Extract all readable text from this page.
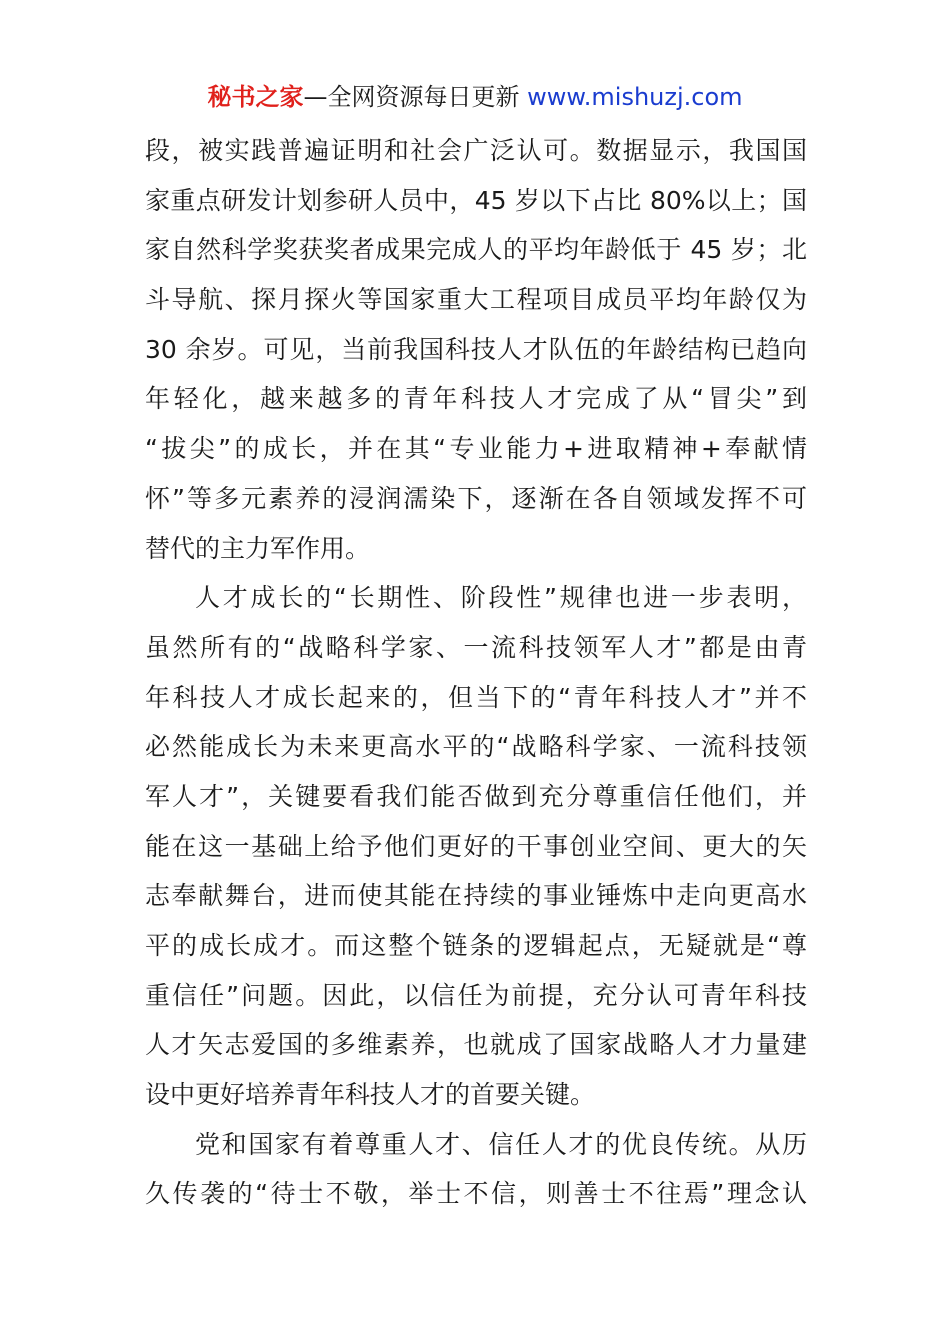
秘书之家—全网资源每日更新 www.mishuzj.com
段，被实践普遍证明和社会广泛认可。数据显示，我国国
家重点研发计划参研人员中，45 岁以下占比 80%以上；国
家自然科学奖获奖者成果完成人的平均年龄低于 45 岁；北
斗导航、探月探火等国家重大工程项目成员平均年龄仅为
30 余岁。可见，当前我国科技人才队伍的年龄结构已趋向
年轻化，越来越多的青年科技人才完成了从“冒尖”到
“拔尖”的成长，并在其“专业能力+进取精神+奉献情
怀”等多元素养的浸润濡染下，逐渐在各自领域发挥不可
替代的主力军作用。
人才成长的“长期性、阶段性”规律也进一步表明，
虽然所有的“战略科学家、一流科技领军人才”都是由青
年科技人才成长起来的，但当下的“青年科技人才”并不
必然能成长为未来更高水平的“战略科学家、一流科技领
军人才”，关键要看我们能否做到充分尊重信任他们，并
能在这一基础上给予他们更好的干事创业空间、更大的矢
志奉献舞台，进而使其能在持续的事业锤炼中走向更高水
平的成长成才。而这整个链条的逻辑起点，无疑就是“尊
重信任”问题。因此，以信任为前提，充分认可青年科技
人才矢志爱国的多维素养，也就成了国家战略人才力量建
设中更好培养青年科技人才的首要关键。
党和国家有着尊重人才、信任人才的优良传统。从历
久传袭的“待士不敬，举士不信，则善士不往焉”理念认
